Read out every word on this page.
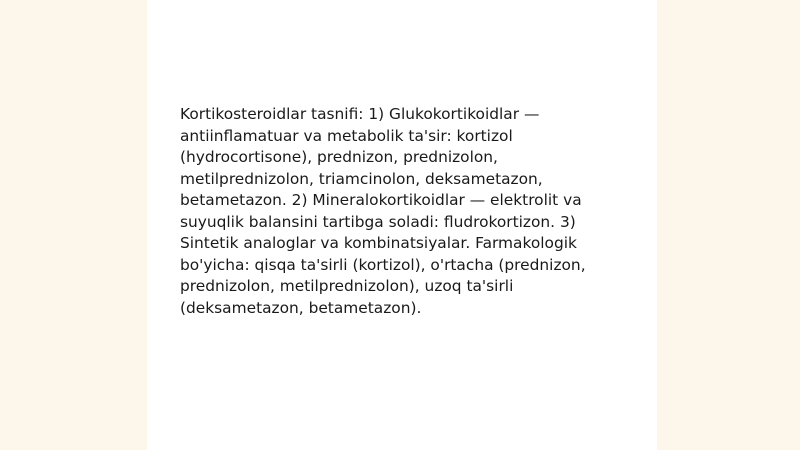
Kortikosteroidlar tasnifi: 1) Glukokortikoidlar — antiinflamatuar va metabolik ta'sir: kortizol (hydrocortisone), prednizon, prednizolon, metilprednizolon, triamcinolon, deksametazon, betametazon. 2) Mineralokortikoidlar — elektrolit va suyuqlik balansini tartibga soladi: fludrokortizon. 3) Sintetik analoglar va kombinatsiyalar. Farmakologik bo'yicha: qisqa ta'sirli (kortizol), o'rtacha (prednizon, prednizolon, metilprednizolon), uzoq ta'sirli (deksametazon, betametazon).
